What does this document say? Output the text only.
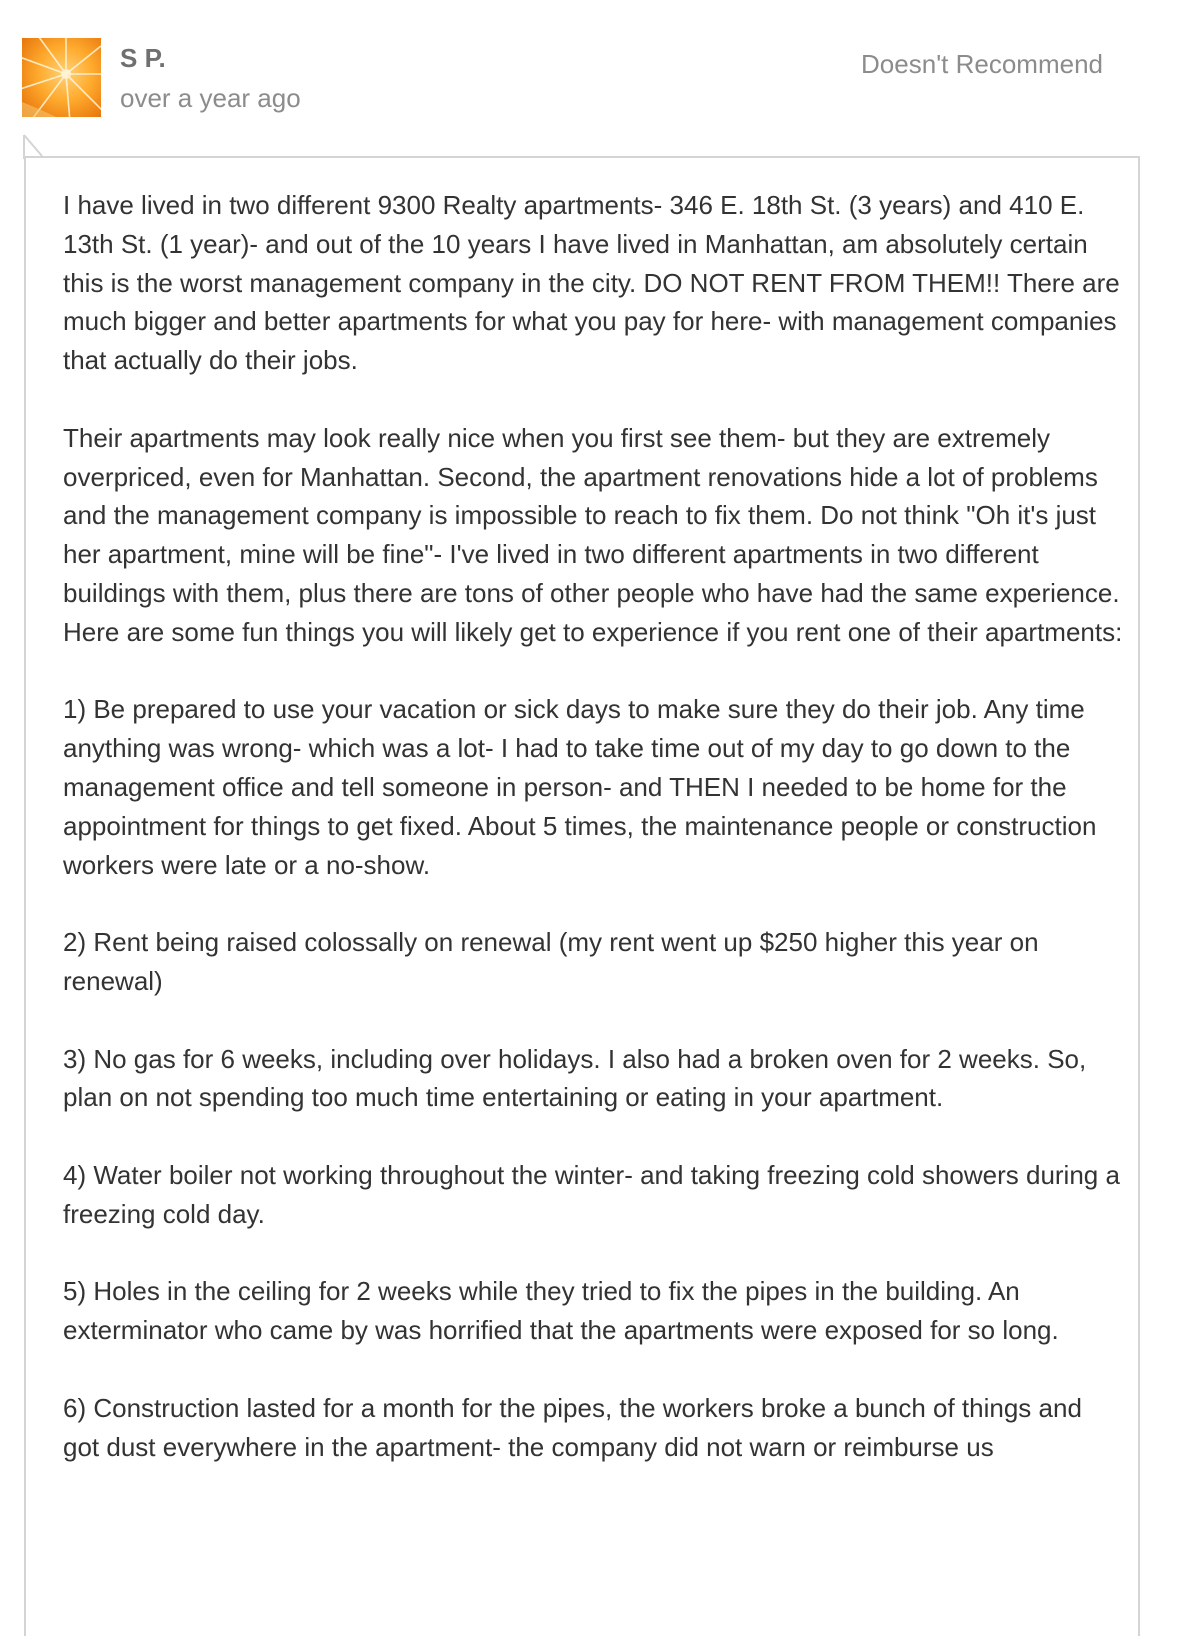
S P.
over a year ago
Doesn't Recommend

I have lived in two different 9300 Realty apartments- 346 E. 18th St. (3 years) and 410 E. 13th St. (1 year)- and out of the 10 years I have lived in Manhattan, am absolutely certain this is the worst management company in the city. DO NOT RENT FROM THEM!! There are much bigger and better apartments for what you pay for here- with management companies that actually do their jobs.

Their apartments may look really nice when you first see them- but they are extremely overpriced, even for Manhattan. Second, the apartment renovations hide a lot of problems and the management company is impossible to reach to fix them. Do not think "Oh it's just her apartment, mine will be fine"- I've lived in two different apartments in two different buildings with them, plus there are tons of other people who have had the same experience. Here are some fun things you will likely get to experience if you rent one of their apartments:

1) Be prepared to use your vacation or sick days to make sure they do their job. Any time anything was wrong- which was a lot- I had to take time out of my day to go down to the management office and tell someone in person- and THEN I needed to be home for the appointment for things to get fixed. About 5 times, the maintenance people or construction workers were late or a no-show.

2) Rent being raised colossally on renewal (my rent went up $250 higher this year on renewal)

3) No gas for 6 weeks, including over holidays. I also had a broken oven for 2 weeks. So, plan on not spending too much time entertaining or eating in your apartment.

4) Water boiler not working throughout the winter- and taking freezing cold showers during a freezing cold day.

5) Holes in the ceiling for 2 weeks while they tried to fix the pipes in the building. An exterminator who came by was horrified that the apartments were exposed for so long.

6) Construction lasted for a month for the pipes, the workers broke a bunch of things and got dust everywhere in the apartment- the company did not warn or reimburse us
